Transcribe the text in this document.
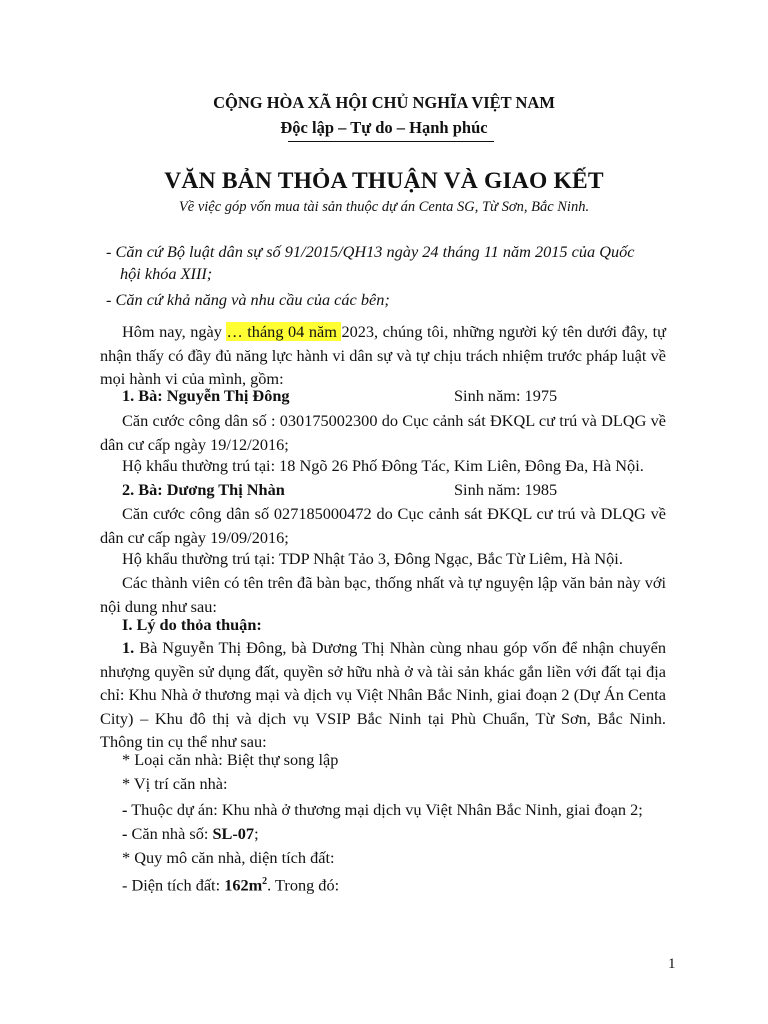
CỘNG HÒA XÃ HỘI CHỦ NGHĨA VIỆT NAM
Độc lập – Tự do – Hạnh phúc
VĂN BẢN THỎA THUẬN VÀ GIAO KẾT
Về việc góp vốn mua tài sản thuộc dự án Centa SG, Từ Sơn, Bắc Ninh.
- Căn cứ Bộ luật dân sự số 91/2015/QH13 ngày 24 tháng 11 năm 2015 của Quốc
hội khóa XIII;
- Căn cứ khả năng và nhu cầu của các bên;
Hôm nay, ngày … tháng 04 năm 2023, chúng tôi, những người ký tên dưới đây, tự nhận thấy có đầy đủ năng lực hành vi dân sự và tự chịu trách nhiệm trước pháp luật về mọi hành vi của mình, gồm:
1. Bà: Nguyễn Thị Đông	Sinh năm: 1975
Căn cước công dân số : 030175002300 do Cục cảnh sát ĐKQL cư trú và DLQG về dân cư cấp ngày 19/12/2016;
Hộ khẩu thường trú tại: 18 Ngõ 26 Phố Đông Tác, Kim Liên, Đông Đa, Hà Nội.
2. Bà: Dương Thị Nhàn	Sinh năm: 1985
Căn cước công dân số 027185000472 do Cục cảnh sát ĐKQL cư trú và DLQG về dân cư cấp ngày 19/09/2016;
Hộ khẩu thường trú tại: TDP Nhật Tảo 3, Đông Ngạc, Bắc Từ Liêm, Hà Nội.
Các thành viên có tên trên đã bàn bạc, thống nhất và tự nguyện lập văn bản này với nội dung như sau:
I. Lý do thỏa thuận:
1. Bà Nguyễn Thị Đông, bà Dương Thị Nhàn cùng nhau góp vốn để nhận chuyển nhượng quyền sử dụng đất, quyền sở hữu nhà ở và tài sản khác gắn liền với đất tại địa chỉ: Khu Nhà ở thương mại và dịch vụ Việt Nhân Bắc Ninh, giai đoạn 2 (Dự Án Centa City) – Khu đô thị và dịch vụ VSIP Bắc Ninh tại Phù Chuẩn, Từ Sơn, Bắc Ninh. Thông tin cụ thể như sau:
* Loại căn nhà: Biệt thự song lập
* Vị trí căn nhà:
- Thuộc dự án: Khu nhà ở thương mại dịch vụ Việt Nhân Bắc Ninh, giai đoạn 2;
- Căn nhà số: SL-07;
* Quy mô căn nhà, diện tích đất:
- Diện tích đất: $162m^2$. Trong đó:
1
